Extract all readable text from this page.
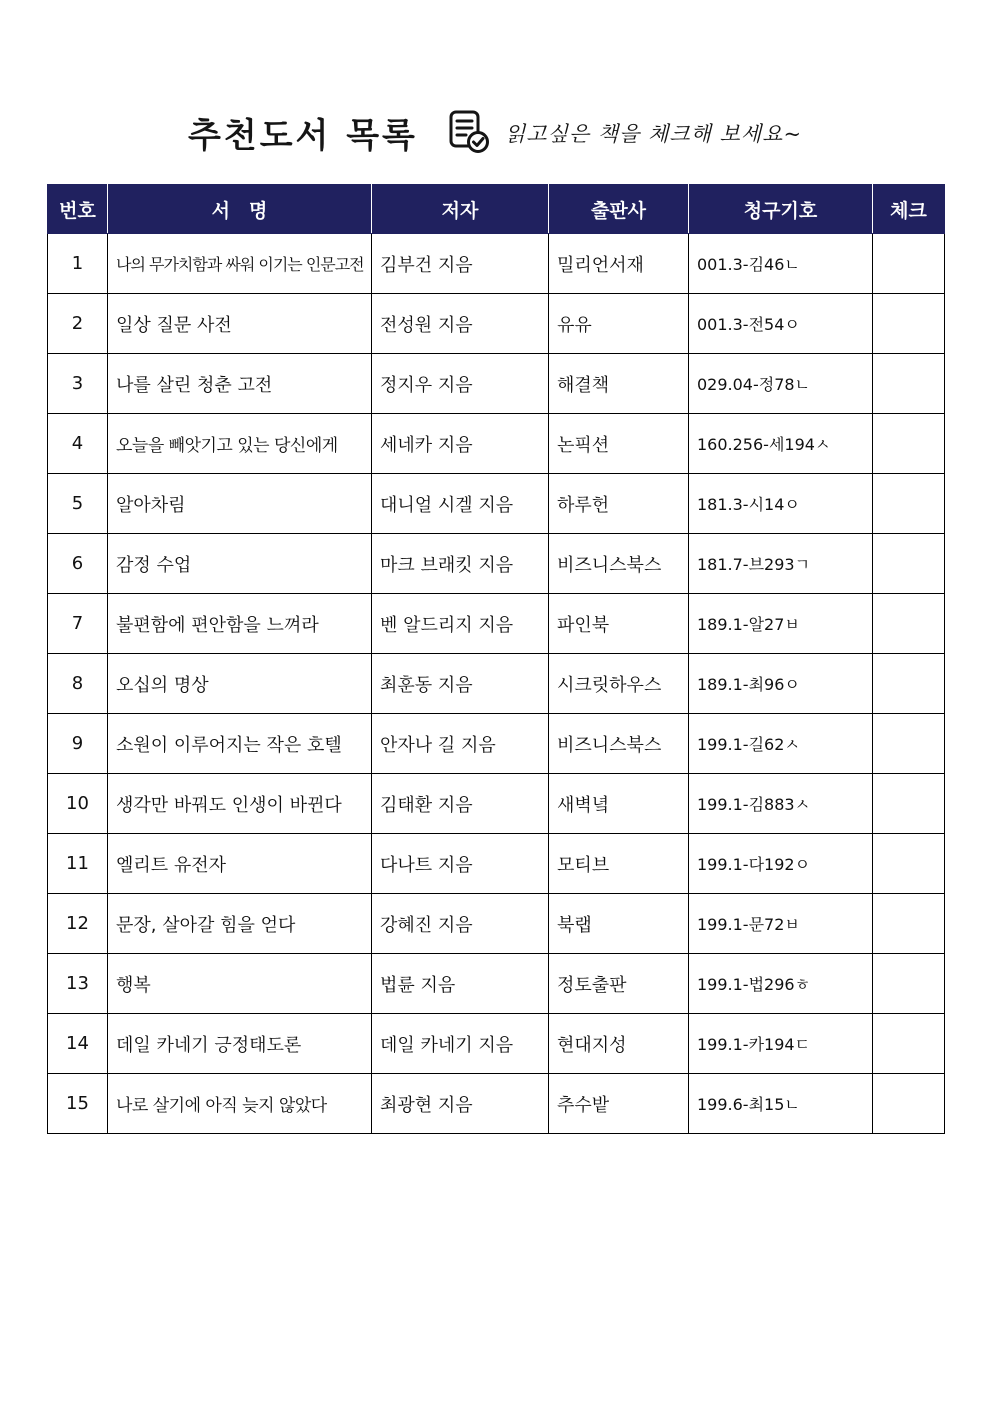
추천도서 목록	읽고싶은 책을 체크해 보세요~
번호	서　명	저자	출판사	청구기호	체크
1	나의 무가치함과 싸워 이기는 인문고전	김부건 지음	밀리언서재	001.3-김46ㄴ	
2	일상 질문 사전	전성원 지음	유유	001.3-전54ㅇ	
3	나를 살린 청춘 고전	정지우 지음	해결책	029.04-정78ㄴ	
4	오늘을 빼앗기고 있는 당신에게	세네카 지음	논픽션	160.256-세194ㅅ	
5	알아차림	대니얼 시겔 지음	하루헌	181.3-시14ㅇ	
6	감정 수업	마크 브래킷 지음	비즈니스북스	181.7-브293ㄱ	
7	불편함에 편안함을 느껴라	벤 알드리지 지음	파인북	189.1-알27ㅂ	
8	오십의 명상	최훈동 지음	시크릿하우스	189.1-최96ㅇ	
9	소원이 이루어지는 작은 호텔	안자나 길 지음	비즈니스북스	199.1-길62ㅅ	
10	생각만 바꿔도 인생이 바뀐다	김태환 지음	새벽녘	199.1-김883ㅅ	
11	엘리트 유전자	다나트 지음	모티브	199.1-다192ㅇ	
12	문장, 살아갈 힘을 얻다	강혜진 지음	북랩	199.1-문72ㅂ	
13	행복	법륜 지음	정토출판	199.1-법296ㅎ	
14	데일 카네기 긍정태도론	데일 카네기 지음	현대지성	199.1-카194ㄷ	
15	나로 살기에 아직 늦지 않았다	최광현 지음	추수밭	199.6-최15ㄴ	
